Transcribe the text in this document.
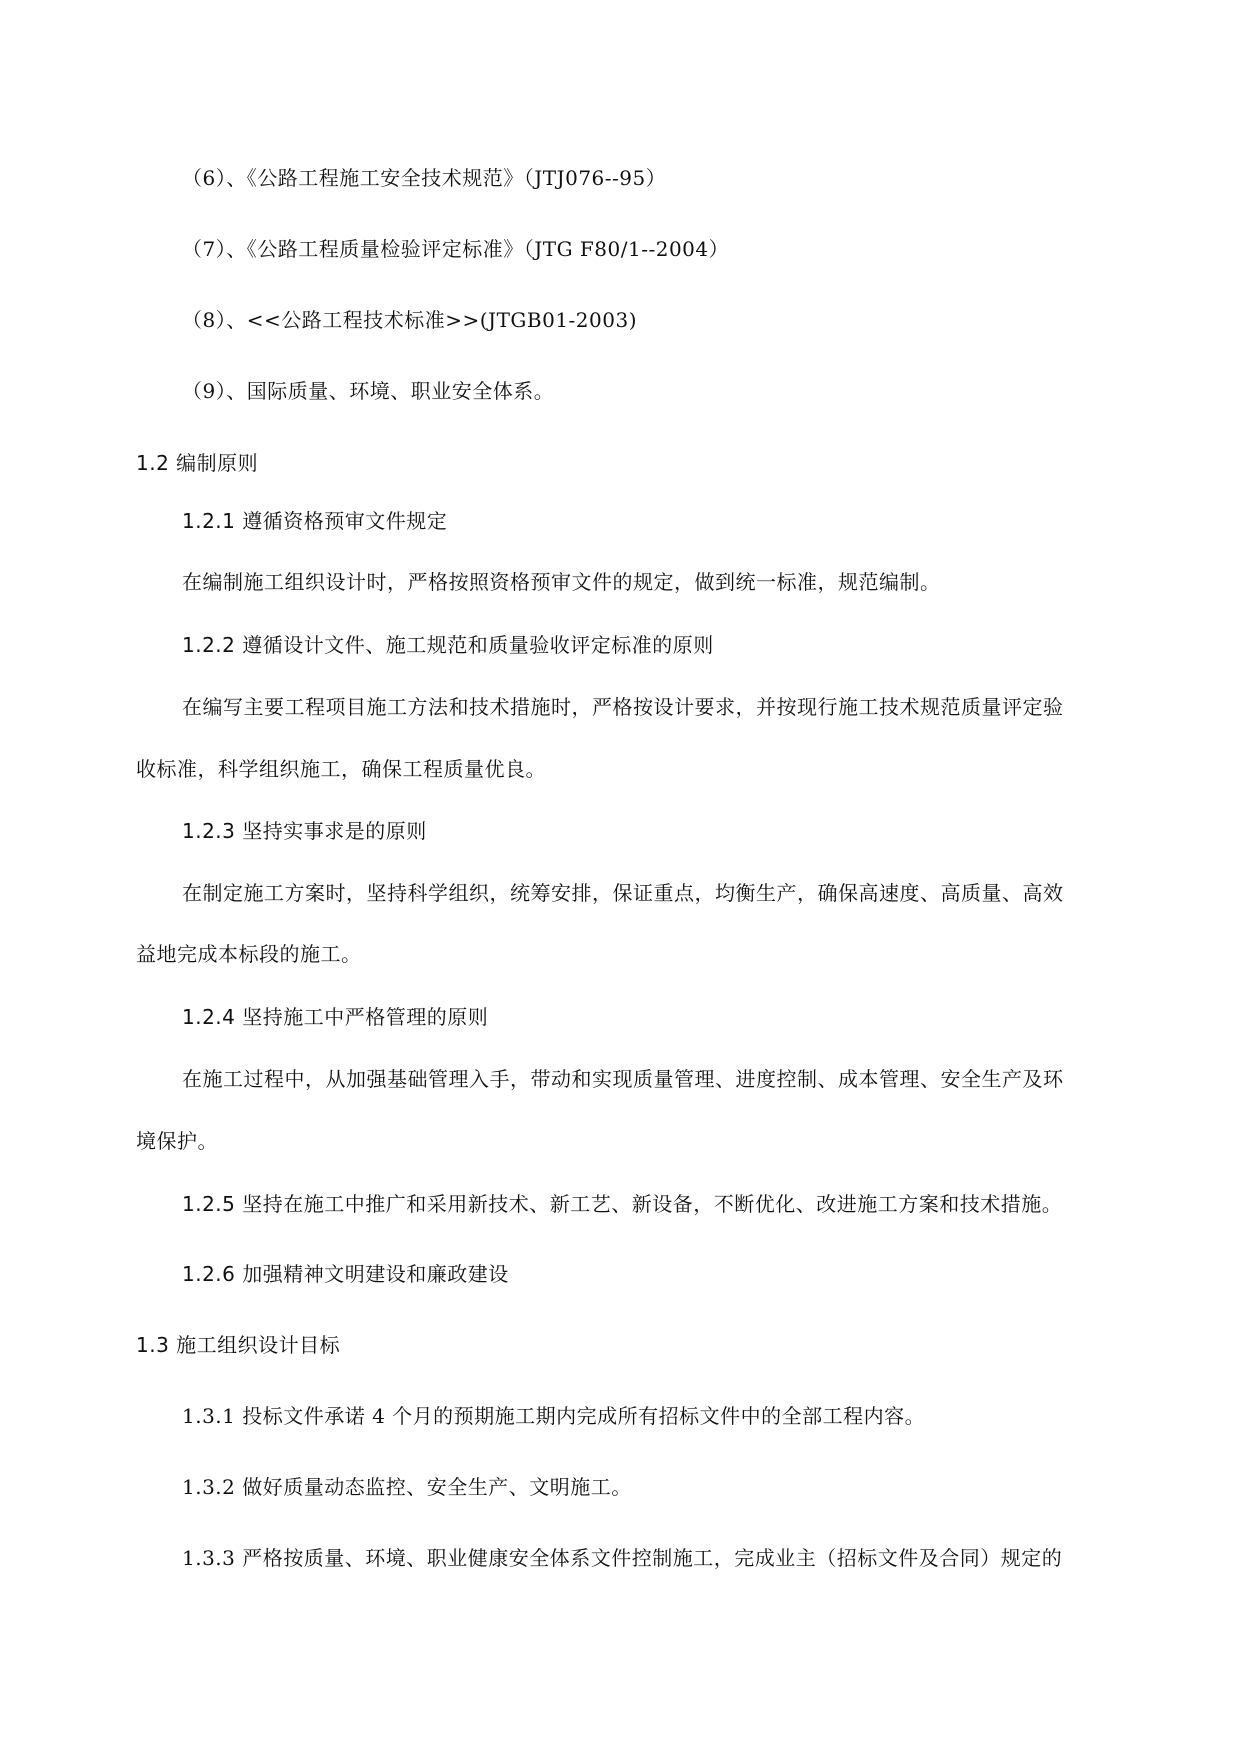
（6）、《公路工程施工安全技术规范》（JTJ076--95）

（7）、《公路工程质量检验评定标准》（JTG F80/1--2004）

（8）、<<公路工程技术标准>>(JTGB01-2003)

（9）、国际质量、环境、职业安全体系。

1.2 编制原则

1.2.1 遵循资格预审文件规定

在编制施工组织设计时，严格按照资格预审文件的规定，做到统一标准，规范编制。

1.2.2 遵循设计文件、施工规范和质量验收评定标准的原则

在编写主要工程项目施工方法和技术措施时，严格按设计要求，并按现行施工技术规范质量评定验

收标准，科学组织施工，确保工程质量优良。

1.2.3 坚持实事求是的原则

在制定施工方案时，坚持科学组织，统筹安排，保证重点，均衡生产，确保高速度、高质量、高效

益地完成本标段的施工。

1.2.4 坚持施工中严格管理的原则

在施工过程中，从加强基础管理入手，带动和实现质量管理、进度控制、成本管理、安全生产及环

境保护。

1.2.5 坚持在施工中推广和采用新技术、新工艺、新设备，不断优化、改进施工方案和技术措施。

1.2.6 加强精神文明建设和廉政建设

1.3 施工组织设计目标

1.3.1 投标文件承诺 4 个月的预期施工期内完成所有招标文件中的全部工程内容。

1.3.2 做好质量动态监控、安全生产、文明施工。

1.3.3 严格按质量、环境、职业健康安全体系文件控制施工，完成业主（招标文件及合同）规定的
